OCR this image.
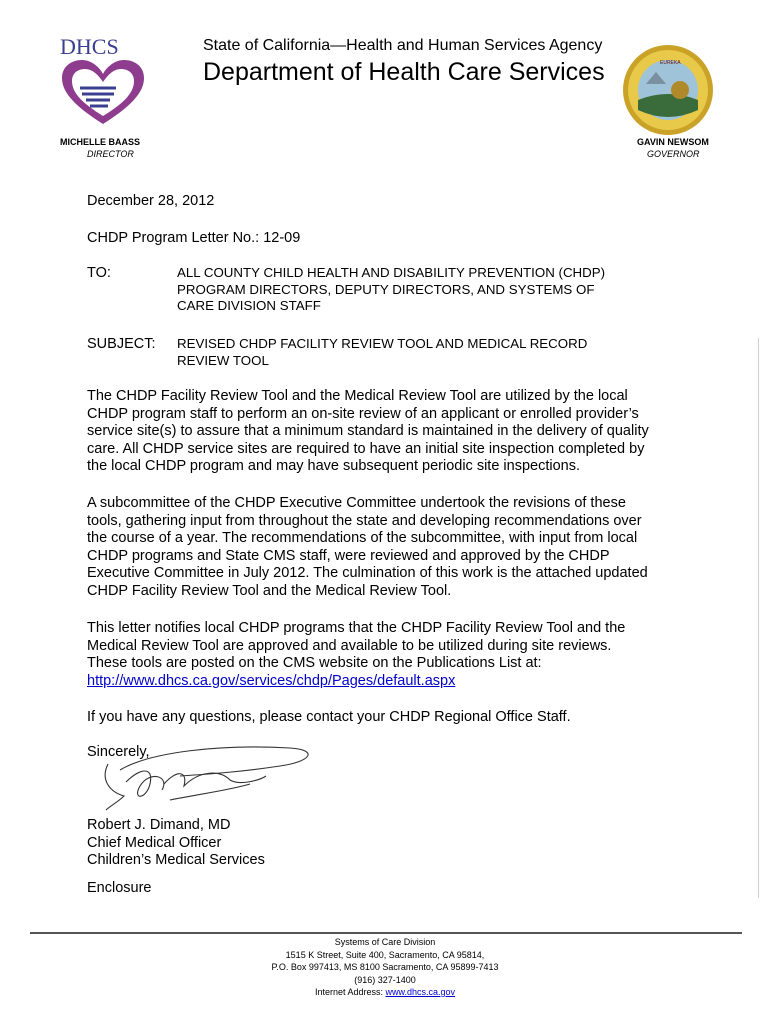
DHCS	State of California—Health and Human Services Agency
Department of Health Care Services	EUREKA
MICHELLE BAASS
DIRECTOR
GAVIN NEWSOM
GOVERNOR
December 28, 2012
CHDP Program Letter No.: 12-09
TO:	ALL COUNTY CHILD HEALTH AND DISABILITY PREVENTION (CHDP)
PROGRAM DIRECTORS, DEPUTY DIRECTORS, AND SYSTEMS OF
CARE DIVISION STAFF
SUBJECT: REVISED CHDP FACILITY REVIEW TOOL AND MEDICAL RECORD
REVIEW TOOL
The CHDP Facility Review Tool and the Medical Review Tool are utilized by the local
CHDP program staff to perform an on-site review of an applicant or enrolled provider’s
service site(s) to assure that a minimum standard is maintained in the delivery of quality
care. All CHDP service sites are required to have an initial site inspection completed by
the local CHDP program and may have subsequent periodic site inspections.
A subcommittee of the CHDP Executive Committee undertook the revisions of these
tools, gathering input from throughout the state and developing recommendations over
the course of a year. The recommendations of the subcommittee, with input from local
CHDP programs and State CMS staff, were reviewed and approved by the CHDP
Executive Committee in July 2012. The culmination of this work is the attached updated
CHDP Facility Review Tool and the Medical Review Tool.
This letter notifies local CHDP programs that the CHDP Facility Review Tool and the
Medical Review Tool are approved and available to be utilized during site reviews.
These tools are posted on the CMS website on the Publications List at:
http://www.dhcs.ca.gov/services/chdp/Pages/default.aspx
If you have any questions, please contact your CHDP Regional Office Staff.
Sincerely,
Robert J. Dimand, MD
Chief Medical Officer
Children’s Medical Services
Enclosure
Systems of Care Division
1515 K Street, Suite 400, Sacramento, CA 95814,
P.O. Box 997413, MS 8100 Sacramento, CA 95899-7413
(916) 327-1400
Internet Address: www.dhcs.ca.gov
